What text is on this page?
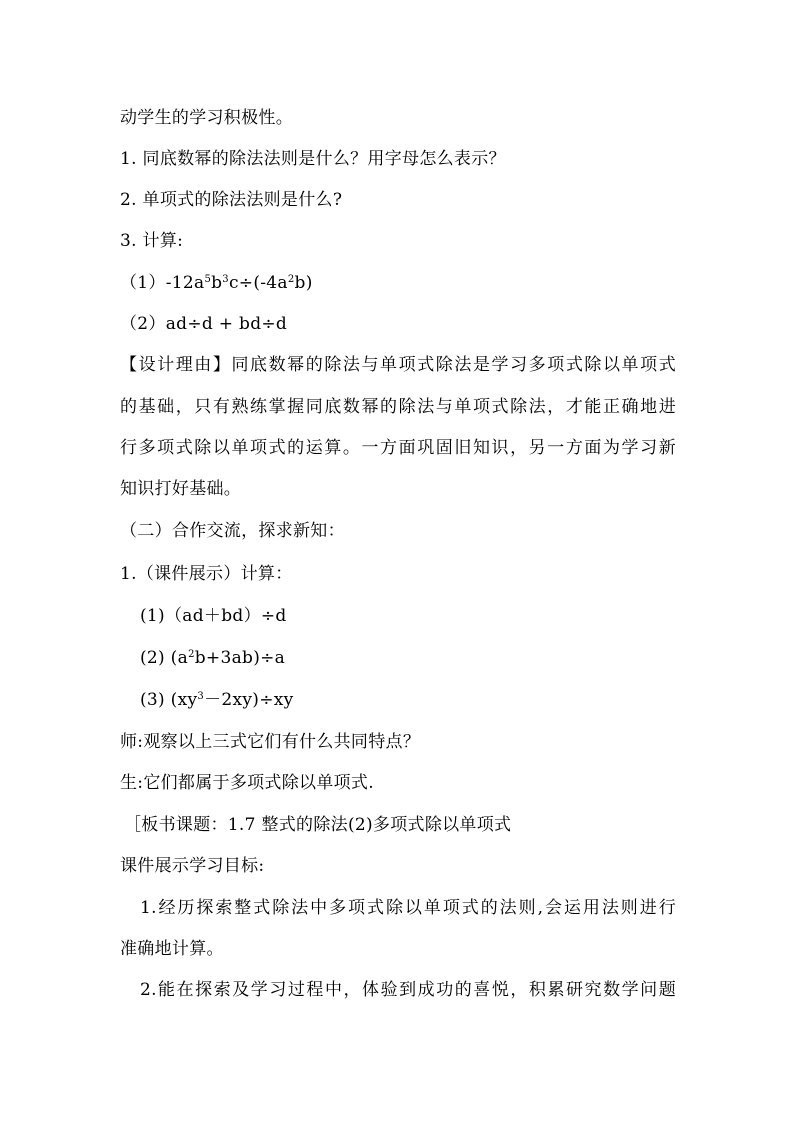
动学生的学习积极性。
1. 同底数幂的除法法则是什么？用字母怎么表示？
2. 单项式的除法法则是什么?
3. 计算:
$(1)-12a^5b^3c\div(-4a^2b)$
（2）ad÷d + bd÷d
【设计理由】同底数幂的除法与单项式除法是学习多项式除以单项式
的基础，只有熟练掌握同底数幂的除法与单项式除法，才能正确地进
行多项式除以单项式的运算。一方面巩固旧知识，另一方面为学习新
知识打好基础。
（二）合作交流，探求新知：
1.（课件展示）计算：
(1)（ad＋bd）÷d
(2) $(a^2b+3ab)\div a$
(3) $(xy^3-2xy)\div xy$
师:观察以上三式它们有什么共同特点？
生:它们都属于多项式除以单项式.
［板书课题：1.7 整式的除法(2)多项式除以单项式
课件展示学习目标:
1.经历探索整式除法中多项式除以单项式的法则,会运用法则进行
准确地计算。
2.能在探索及学习过程中，体验到成功的喜悦，积累研究数学问题
